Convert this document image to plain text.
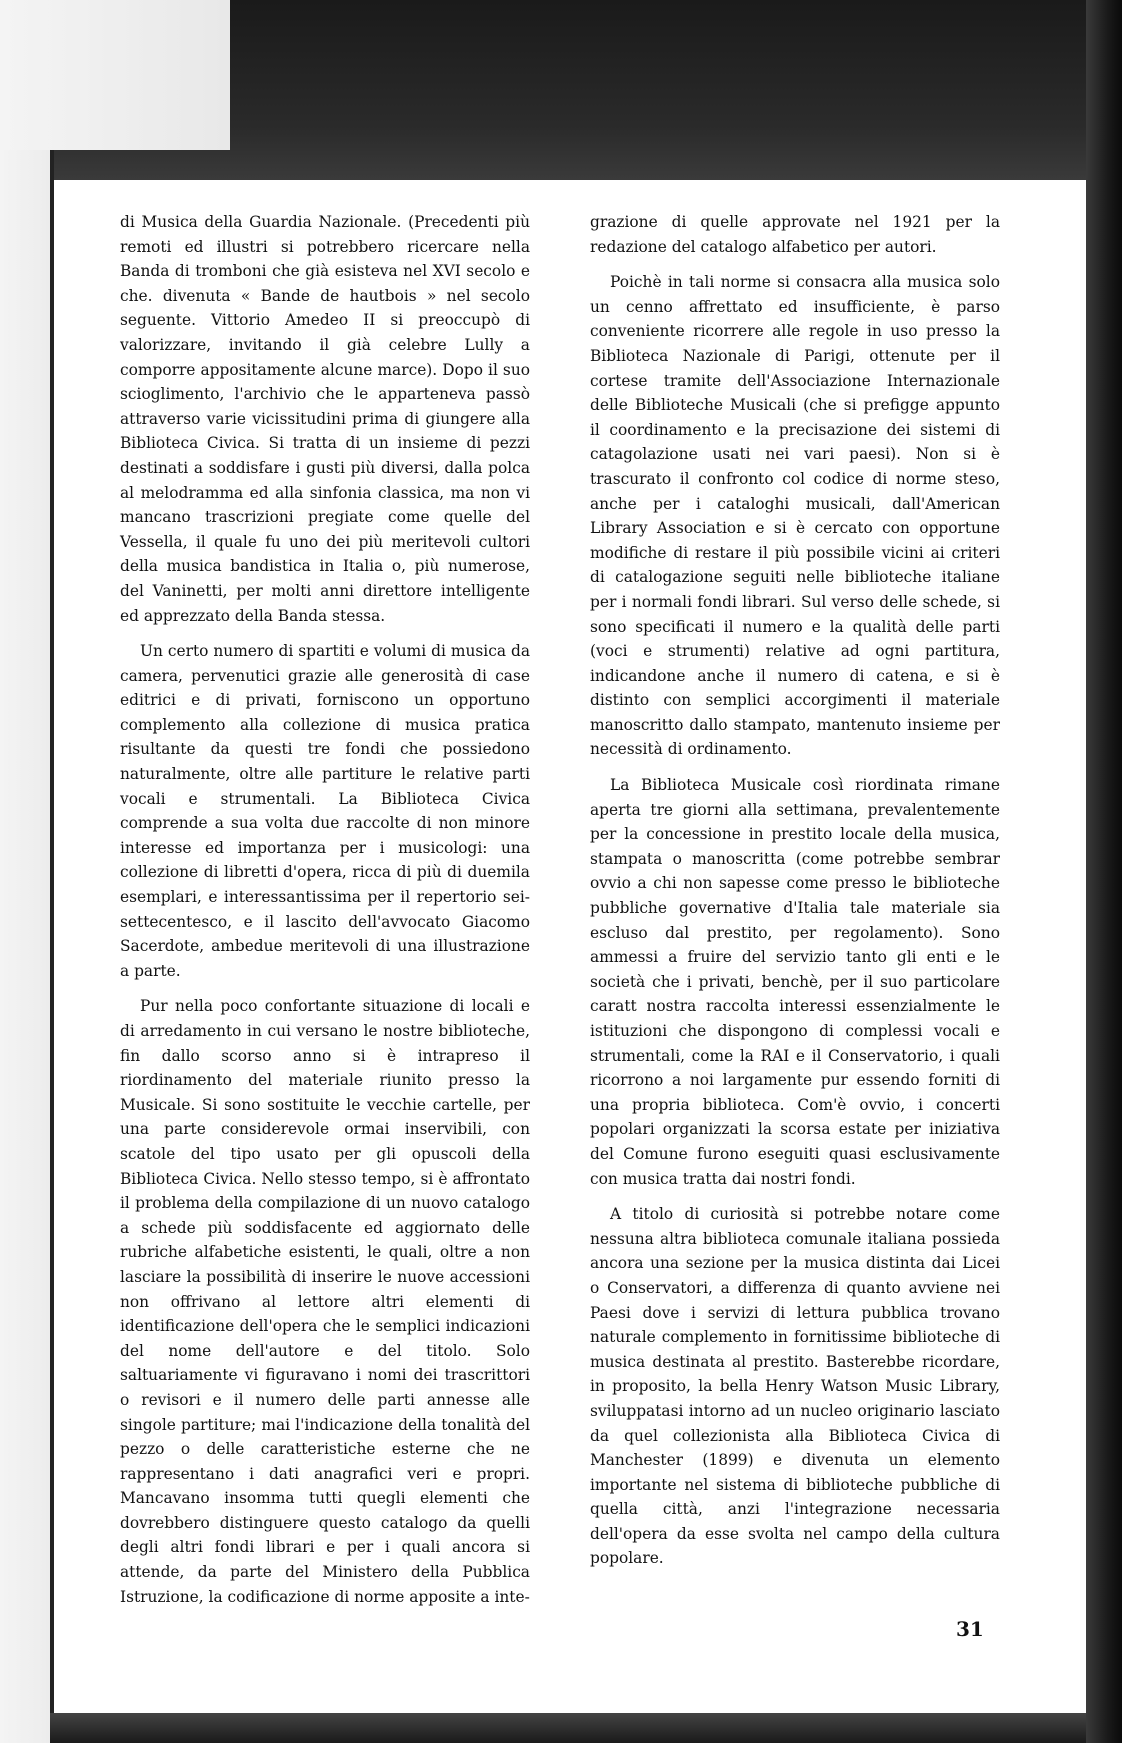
di Musica della Guardia Nazionale. (Precedenti più remoti ed illustri si potrebbero ricercare nella Banda di tromboni che già esisteva nel XVI secolo e che. divenuta « Bande de hautbois » nel secolo seguente. Vittorio Amedeo II si preoccupò di valorizzare, invitando il già celebre Lully a comporre appositamente alcune marce). Dopo il suo scioglimento, l'archivio che le apparteneva passò attraverso varie vicissitudini prima di giungere alla Biblioteca Civica. Si tratta di un insieme di pezzi destinati a soddisfare i gusti più diversi, dalla polca al melodramma ed alla sinfonia classica, ma non vi mancano trascrizioni pregiate come quelle del Vessella, il quale fu uno dei più meritevoli cultori della musica bandistica in Italia o, più numerose, del Vaninetti, per molti anni direttore intelligente ed apprezzato della Banda stessa.

Un certo numero di spartiti e volumi di musica da camera, pervenutici grazie alle generosità di case editrici e di privati, forniscono un opportuno complemento alla collezione di musica pratica risultante da questi tre fondi che possiedono naturalmente, oltre alle partiture le relative parti vocali e strumentali. La Biblioteca Civica comprende a sua volta due raccolte di non minore interesse ed importanza per i musicologi: una collezione di libretti d'opera, ricca di più di duemila esemplari, e interessantissima per il repertorio sei-settecentesco, e il lascito dell'avvocato Giacomo Sacerdote, ambedue meritevoli di una illustrazione a parte.

Pur nella poco confortante situazione di locali e di arredamento in cui versano le nostre biblioteche, fin dallo scorso anno si è intrapreso il riordinamento del materiale riunito presso la Musicale. Si sono sostituite le vecchie cartelle, per una parte considerevole ormai inservibili, con scatole del tipo usato per gli opuscoli della Biblioteca Civica. Nello stesso tempo, si è affrontato il problema della compilazione di un nuovo catalogo a schede più soddisfacente ed aggiornato delle rubriche alfabetiche esistenti, le quali, oltre a non lasciare la possibilità di inserire le nuove accessioni non offrivano al lettore altri elementi di identificazione dell'opera che le semplici indicazioni del nome dell'autore e del titolo. Solo saltuariamente vi figuravano i nomi dei trascrittori o revisori e il numero delle parti annesse alle singole partiture; mai l'indicazione della tonalità del pezzo o delle caratteristiche esterne che ne rappresentano i dati anagrafici veri e propri. Mancavano insomma tutti quegli elementi che dovrebbero distinguere questo catalogo da quelli degli altri fondi librari e per i quali ancora si attende, da parte del Ministero della Pubblica Istruzione, la codificazione di norme apposite a inte-

grazione di quelle approvate nel 1921 per la redazione del catalogo alfabetico per autori.

Poichè in tali norme si consacra alla musica solo un cenno affrettato ed insufficiente, è parso conveniente ricorrere alle regole in uso presso la Biblioteca Nazionale di Parigi, ottenute per il cortese tramite dell'Associazione Internazionale delle Biblioteche Musicali (che si prefigge appunto il coordinamento e la precisazione dei sistemi di catagolazione usati nei vari paesi). Non si è trascurato il confronto col codice di norme steso, anche per i cataloghi musicali, dall'American Library Association e si è cercato con opportune modifiche di restare il più possibile vicini ai criteri di catalogazione seguiti nelle biblioteche italiane per i normali fondi librari. Sul verso delle schede, si sono specificati il numero e la qualità delle parti (voci e strumenti) relative ad ogni partitura, indicandone anche il numero di catena, e si è distinto con semplici accorgimenti il materiale manoscritto dallo stampato, mantenuto insieme per necessità di ordinamento.

La Biblioteca Musicale così riordinata rimane aperta tre giorni alla settimana, prevalentemente per la concessione in prestito locale della musica, stampata o manoscritta (come potrebbe sembrar ovvio a chi non sapesse come presso le biblioteche pubbliche governative d'Italia tale materiale sia escluso dal prestito, per regolamento). Sono ammessi a fruire del servizio tanto gli enti e le società che i privati, benchè, per il suo particolare caratt nostra raccolta interessi essenzialmente le istituzioni che dispongono di complessi vocali e strumentali, come la RAI e il Conservatorio, i quali ricorrono a noi largamente pur essendo forniti di una propria biblioteca. Com'è ovvio, i concerti popolari organizzati la scorsa estate per iniziativa del Comune furono eseguiti quasi esclusivamente con musica tratta dai nostri fondi.

A titolo di curiosità si potrebbe notare come nessuna altra biblioteca comunale italiana possieda ancora una sezione per la musica distinta dai Licei o Conservatori, a differenza di quanto avviene nei Paesi dove i servizi di lettura pubblica trovano naturale complemento in fornitissime biblioteche di musica destinata al prestito. Basterebbe ricordare, in proposito, la bella Henry Watson Music Library, sviluppatasi intorno ad un nucleo originario lasciato da quel collezionista alla Biblioteca Civica di Manchester (1899) e divenuta un elemento importante nel sistema di biblioteche pubbliche di quella città, anzi l'integrazione necessaria dell'opera da esse svolta nel campo della cultura popolare.

31
